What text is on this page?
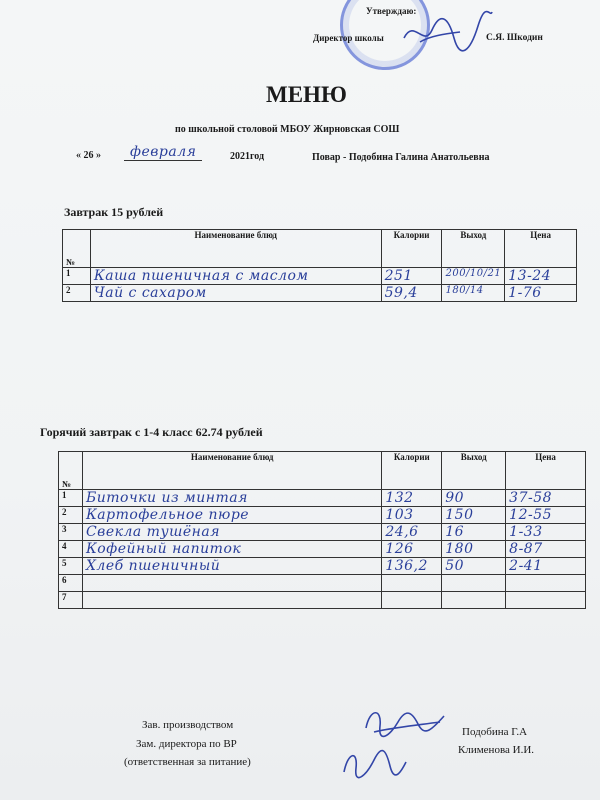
Утверждаю:
Директор школы	С.Я. Шкодин
МЕНЮ
по школьной столовой МБОУ Жирновская СОШ
« 26 »	февраля	2021год	Повар - Подобина Галина Анатольевна
Завтрак 15 рублей
№	Наименование блюд	Калории	Выход	Цена
1	Каша пшеничная с маслом	251	200/10/21	13-24
2	Чай с сахаром	59,4	180/14	1-76
Горячий завтрак с 1-4 класс 62.74 рублей
№	Наименование блюд	Калории	Выход	Цена
1	Биточки из минтая	132	90	37-58
2	Картофельное пюре	103	150	12-55
3	Свекла тушёная	24,6	16	1-33
4	Кофейный напиток	126	180	8-87
5	Хлеб пшеничный	136,2	50	2-41
6				
7				
Зав. производством
Зам. директора по ВР
(ответственная за питание)
Подобина Г.А
Клименова И.И.
